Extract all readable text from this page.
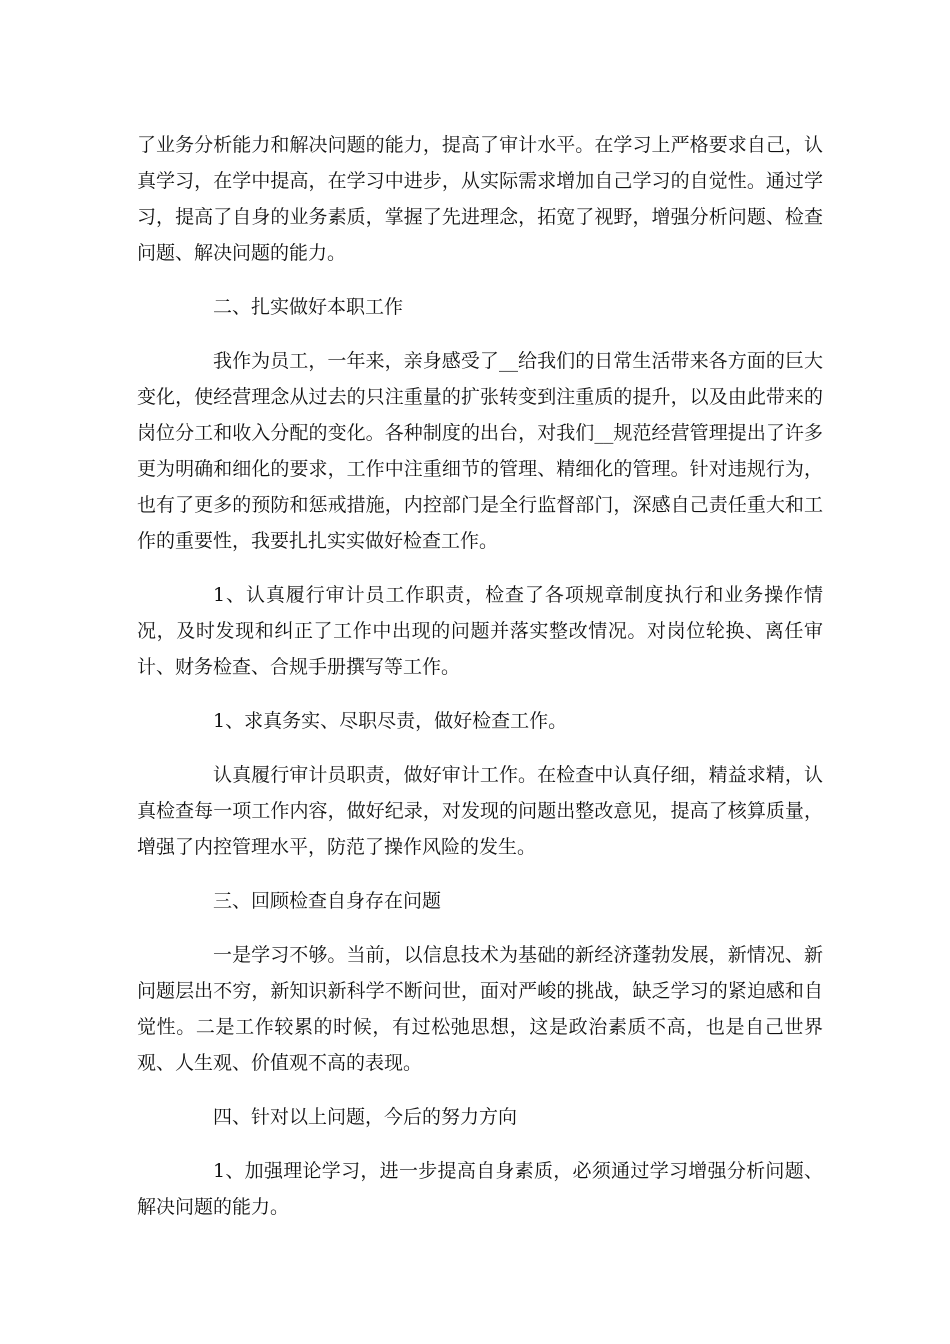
了业务分析能力和解决问题的能力，提高了审计水平。在学习上严格要求自己，认真学习，在学中提高，在学习中进步，从实际需求增加自己学习的自觉性。通过学习，提高了自身的业务素质，掌握了先进理念，拓宽了视野，增强分析问题、检查问题、解决问题的能力。

二、扎实做好本职工作

我作为员工，一年来，亲身感受了__给我们的日常生活带来各方面的巨大变化，使经营理念从过去的只注重量的扩张转变到注重质的提升，以及由此带来的岗位分工和收入分配的变化。各种制度的出台，对我们__规范经营管理提出了许多更为明确和细化的要求，工作中注重细节的管理、精细化的管理。针对违规行为，也有了更多的预防和惩戒措施，内控部门是全行监督部门，深感自己责任重大和工作的重要性，我要扎扎实实做好检查工作。

1、认真履行审计员工作职责，检查了各项规章制度执行和业务操作情况，及时发现和纠正了工作中出现的问题并落实整改情况。对岗位轮换、离任审计、财务检查、合规手册撰写等工作。

1、求真务实、尽职尽责，做好检查工作。

认真履行审计员职责，做好审计工作。在检查中认真仔细，精益求精，认真检查每一项工作内容，做好纪录，对发现的问题出整改意见，提高了核算质量，增强了内控管理水平，防范了操作风险的发生。

三、回顾检查自身存在问题

一是学习不够。当前，以信息技术为基础的新经济蓬勃发展，新情况、新问题层出不穷，新知识新科学不断问世，面对严峻的挑战，缺乏学习的紧迫感和自觉性。二是工作较累的时候，有过松弛思想，这是政治素质不高，也是自己世界观、人生观、价值观不高的表现。

四、针对以上问题，今后的努力方向

1、加强理论学习，进一步提高自身素质，必须通过学习增强分析问题、解决问题的能力。
